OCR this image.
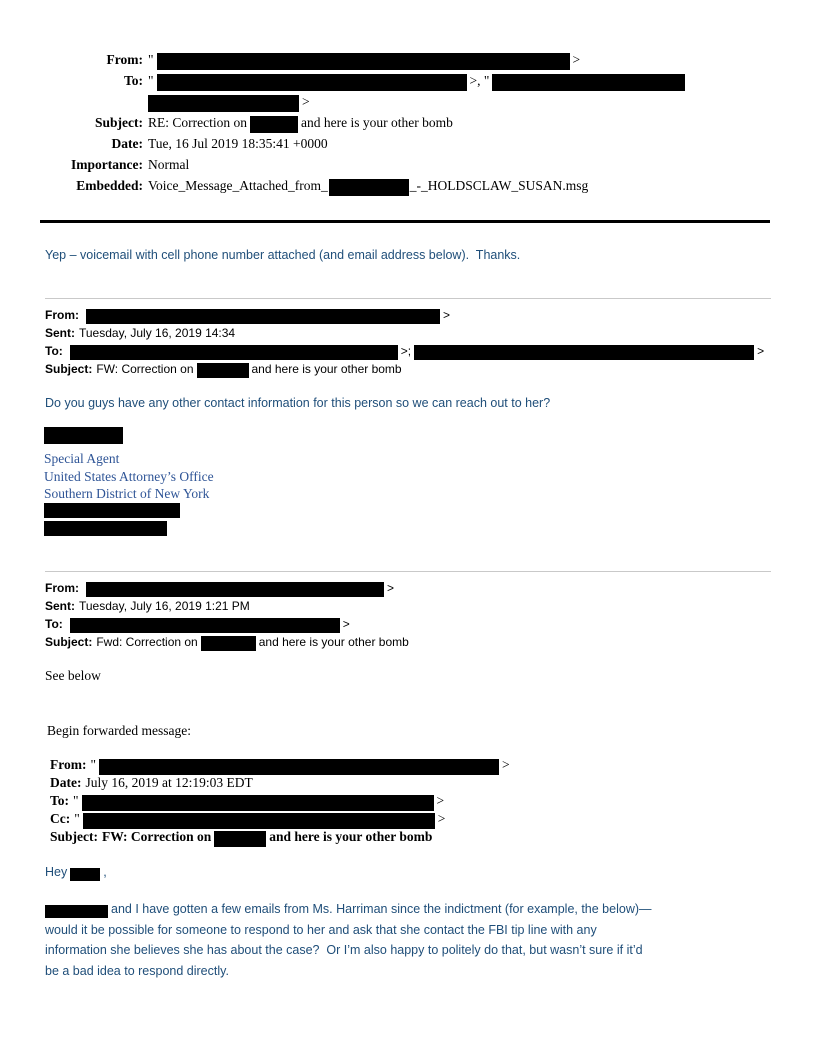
From: "	>
To: "	>, "
>
Subject: RE: Correction on	and here is your other bomb
Date: Tue, 16 Jul 2019 18:35:41 +0000
Importance: Normal
Embedded: Voice_Message_Attached_from_	_-_HOLDSCLAW_SUSAN.msg
Yep – voicemail with cell phone number attached (and email address below).  Thanks.
From:	>
Sent: Tuesday, July 16, 2019 14:34
To:	>;	>
Subject: FW: Correction on	and here is your other bomb
Do you guys have any other contact information for this person so we can reach out to her?
Special Agent
United States Attorney’s Office
Southern District of New York
From:	>
Sent: Tuesday, July 16, 2019 1:21 PM
To:	>
Subject: Fwd: Correction on	and here is your other bomb
See below
Begin forwarded message:
From: "	>
Date: July 16, 2019 at 12:19:03 EDT
To: "	>
Cc: "	>
Subject: FW: Correction on	and here is your other bomb
Hey	,
and I have gotten a few emails from Ms. Harriman since the indictment (for example, the below)—
would it be possible for someone to respond to her and ask that she contact the FBI tip line with any
information she believes she has about the case?  Or I’m also happy to politely do that, but wasn’t sure if it’d
be a bad idea to respond directly.
